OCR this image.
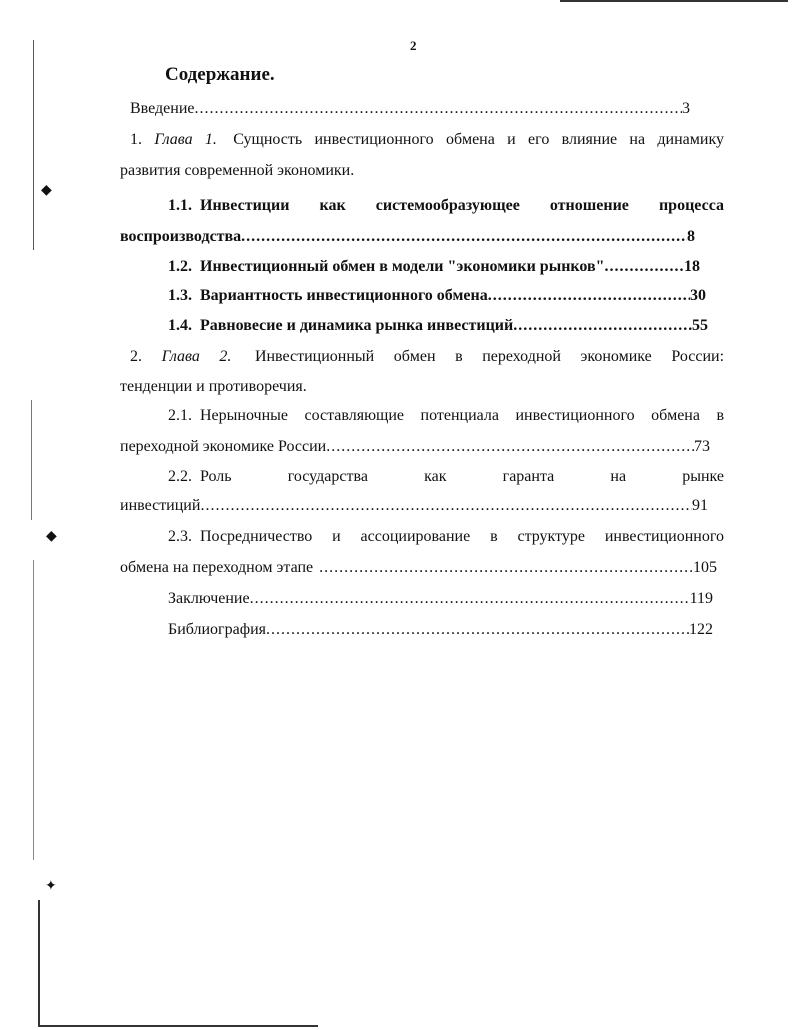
◆
◆
✦
2
Содержание.
Введение .....	3
1. Глава 1. Сущность инвестиционного обмена и его влияние на динамику
развития современной экономики.
1.1. Инвестиции как системообразующее отношение процесса
воспроизводства .....	8
1.2. Инвестиционный обмен в модели "экономики рынков" .....	18
1.3. Вариантность инвестиционного обмена .....	30
1.4. Равновесие и динамика рынка инвестиций .....	55
2. Глава 2. Инвестиционный обмен в переходной экономике России:
тенденции и противоречия.
2.1. Нерыночные составляющие потенциала инвестиционного обмена в
переходной экономике России .....	73
2.2. Роль государства как гаранта на рынке
инвестиций .....	91
2.3. Посредничество и ассоциирование в структуре инвестиционного
обмена на переходном этапе .....	105
Заключение .....	119
Библиография .....	122
